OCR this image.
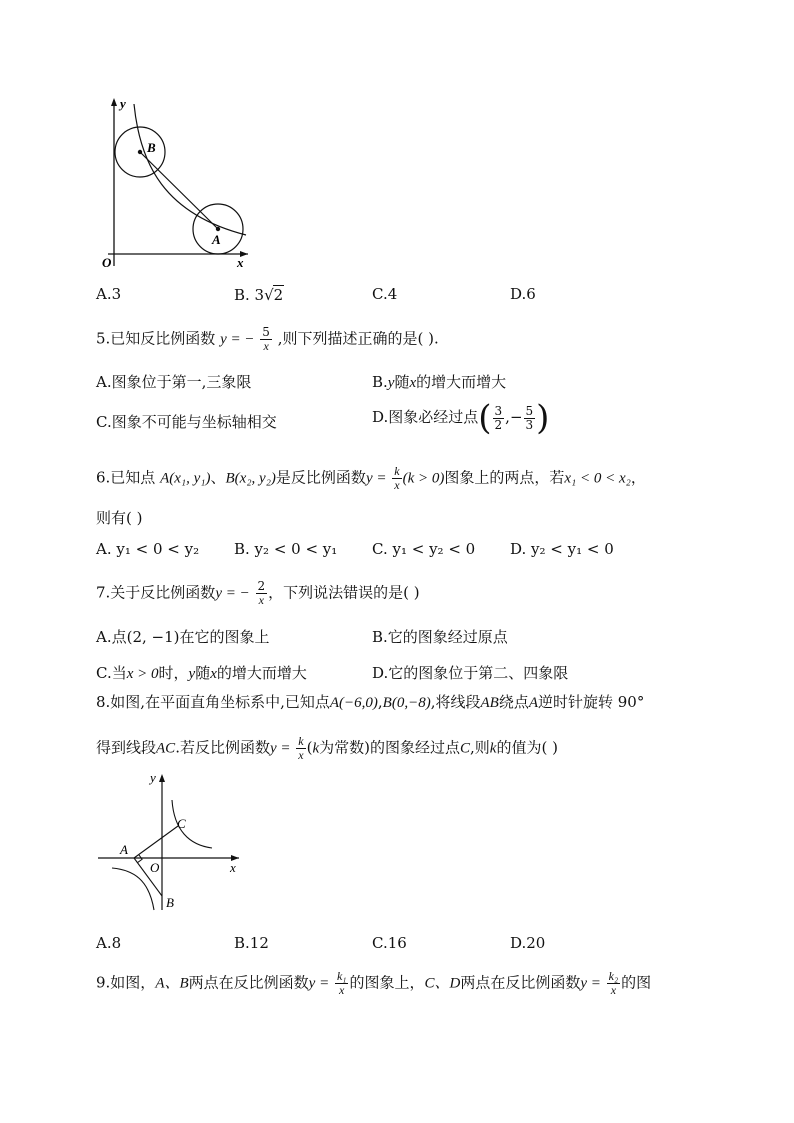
y
x
O
B
A
A.3	B. 3√2	C.4	D.6
5.已知反比例函数 y = − $\frac{5}{x}$ ,则下列描述正确的是( ).
A.图象位于第一,三象限	B.y随x的增大而增大
C.图象不可能与坐标轴相交	D.图象必经过点( $\frac{3}{2}$ ,− $\frac{5}{3}$ )
6.已知点 A(x₁, y₁)、B(x₂, y₂)是反比例函数$y = \frac{k}{x} (k > 0)$图象上的两点，若x₁ < 0 < x₂，
则有( )
A. y₁ < 0 < y₂ B. y₂ < 0 < y₁ C. y₁ < y₂ < 0 D. y₂ < y₁ < 0
7.关于反比例函数y = − $\frac{2}{x}$ ，下列说法错误的是( )
A.点(2, −1)在它的图象上	B.它的图象经过原点
C.当x > 0时，y随x的增大而增大	D.它的图象位于第二、四象限
8.如图,在平面直角坐标系中,已知点A(−6,0),B(0,−8),将线段AB绕点A逆时针旋转 90°
得到线段AC.若反比例函数$y = \frac{k}{x} (k$为常数)的图象经过点C,则k的值为( )
y
x
O
A
B
C
A.8	B.12	C.16	D.20
9.如图，A、B两点在反比例函数$y = \frac{\text{k₁}}{x}$ 的图象上，C、D两点在反比例函数$y = \frac{\text{k₂}}{x}$ 的图
